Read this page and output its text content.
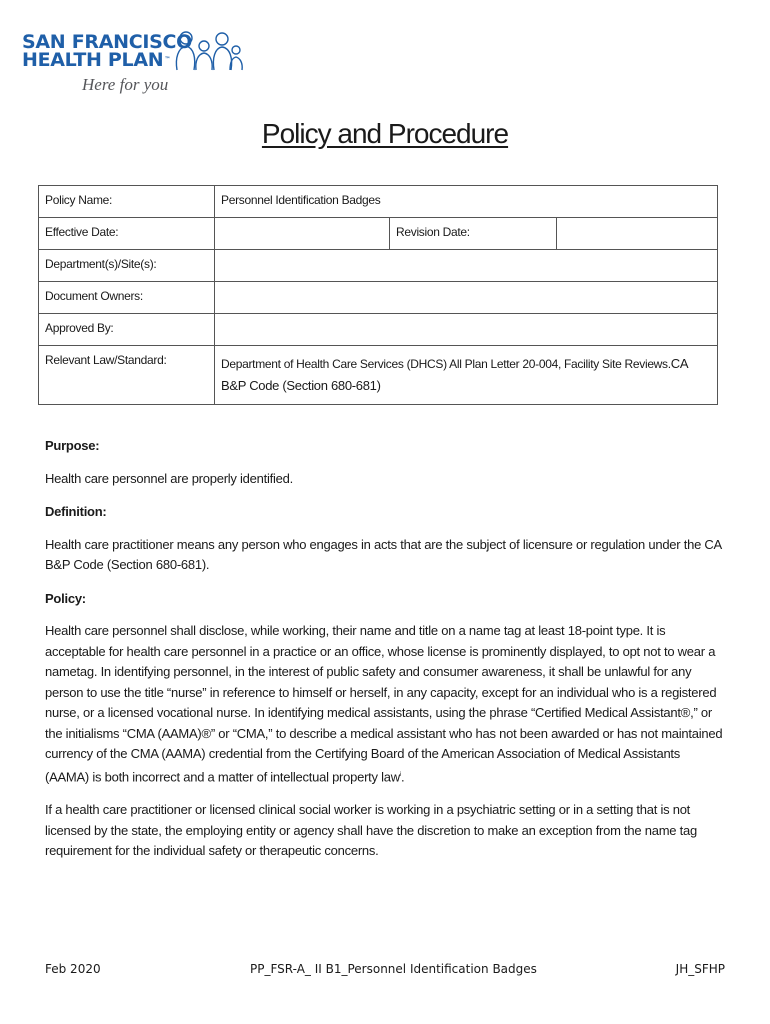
SAN FRANCISCO
HEALTH PLAN™
Here for you
Policy and Procedure
Policy Name:	Personnel Identification Badges		
Effective Date:		Revision Date:	
Department(s)/Site(s):			
Document Owners:			
Approved By:			
Relevant Law/Standard:	Department of Health Care Services (DHCS) All Plan Letter 20-004, Facility Site Reviews.CA
B&P Code (Section 680-681)		
Purpose:

Health care personnel are properly identified.

Definition:

Health care practitioner means any person who engages in acts that are the subject of licensure or regulation under the CA B&P Code (Section 680-681).

Policy:

Health care personnel shall disclose, while working, their name and title on a name tag at least 18-point type. It is acceptable for health care personnel in a practice or an office, whose license is prominently displayed, to opt not to wear a nametag. In identifying personnel, in the interest of public safety and consumer awareness, it shall be unlawful for any person to use the title “nurse” in reference to himself or herself, in any capacity, except for an individual who is a registered nurse, or a licensed vocational nurse. In identifying medical assistants, using the phrase “Certified Medical Assistant®,” or the initialisms “CMA (AAMA)®” or “CMA,” to describe a medical assistant who has not been awarded or has not maintained currency of the CMA (AAMA) credential from the Certifying Board of the American Association of Medical Assistants (AAMA) is both incorrect and a matter of intellectual property law$^i$.

If a health care practitioner or licensed clinical social worker is working in a psychiatric setting or in a setting that is not licensed by the state, the employing entity or agency shall have the discretion to make an exception from the name tag requirement for the individual safety or therapeutic concerns.

Feb 2020	PP_FSR-A_ II B1_Personnel Identification Badges	JH_SFHP
